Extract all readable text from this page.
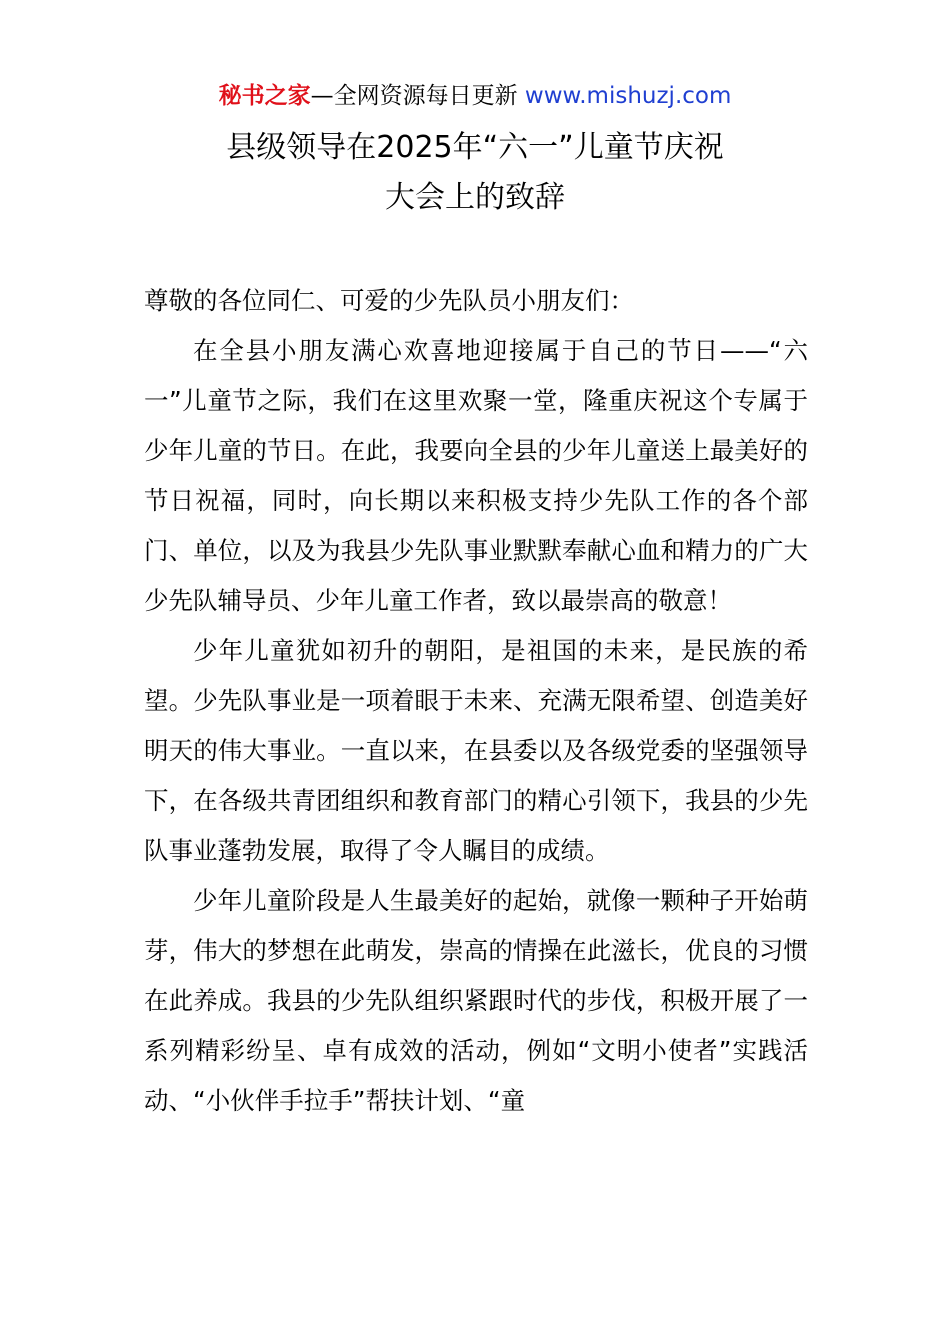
秘书之家—全网资源每日更新 www.mishuzj.com
县级领导在2025年“六一”儿童节庆祝
大会上的致辞

尊敬的各位同仁、可爱的少先队员小朋友们：

在全县小朋友满心欢喜地迎接属于自己的节日——“六一”儿童节之际，我们在这里欢聚一堂，隆重庆祝这个专属于少年儿童的节日。在此，我要向全县的少年儿童送上最美好的节日祝福，同时，向长期以来积极支持少先队工作的各个部门、单位，以及为我县少先队事业默默奉献心血和精力的广大少先队辅导员、少年儿童工作者，致以最崇高的敬意！

少年儿童犹如初升的朝阳，是祖国的未来，是民族的希望。少先队事业是一项着眼于未来、充满无限希望、创造美好明天的伟大事业。一直以来，在县委以及各级党委的坚强领导下，在各级共青团组织和教育部门的精心引领下，我县的少先队事业蓬勃发展，取得了令人瞩目的成绩。

少年儿童阶段是人生最美好的起始，就像一颗种子开始萌芽，伟大的梦想在此萌发，崇高的情操在此滋长，优良的习惯在此养成。我县的少先队组织紧跟时代的步伐，积极开展了一系列精彩纷呈、卓有成效的活动，例如“文明小使者”实践活动、“小伙伴手拉手”帮扶计划、“童
